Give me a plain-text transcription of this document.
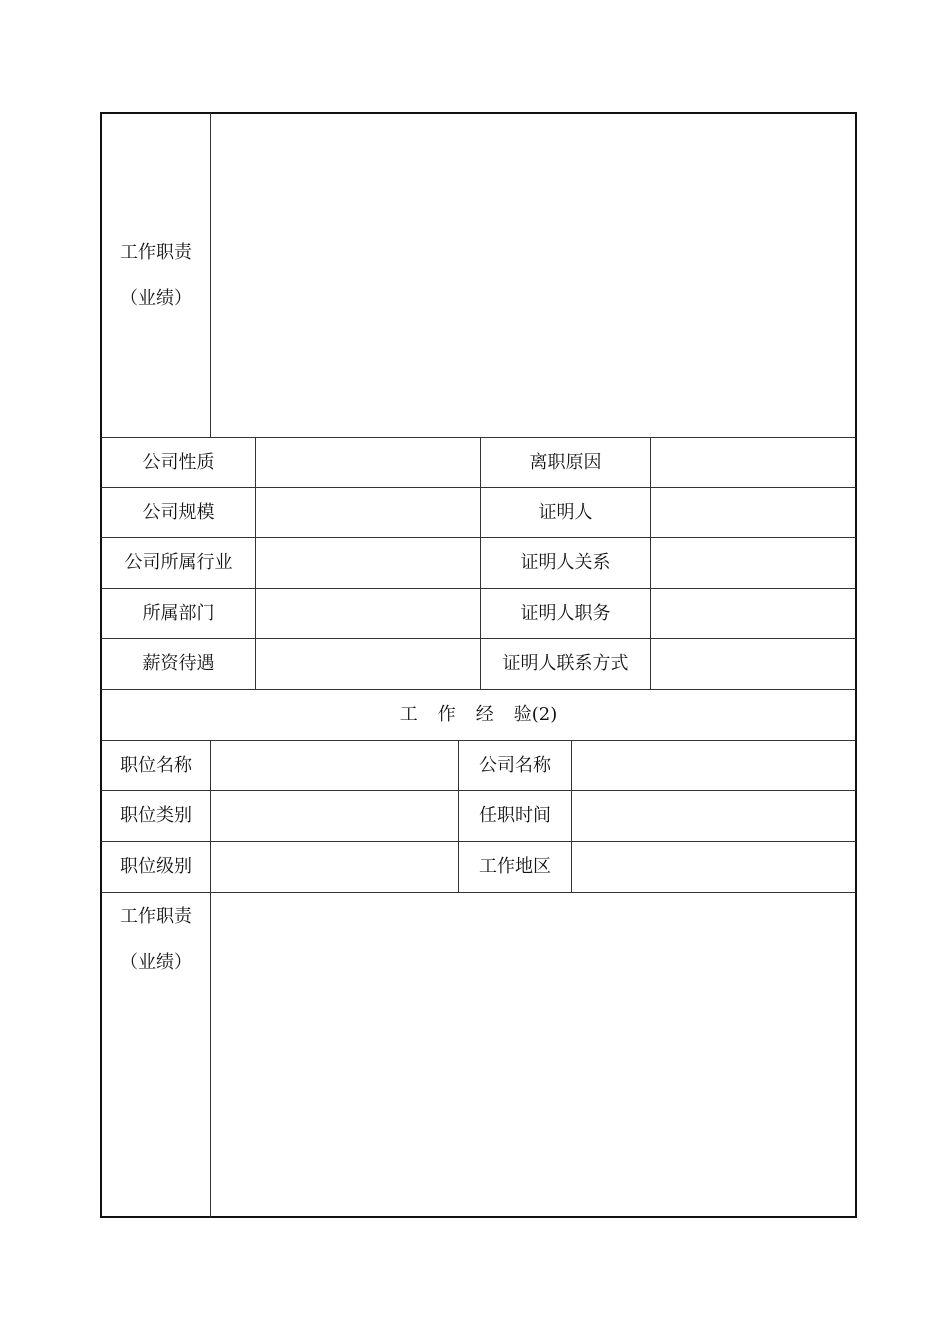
工作职责
（业绩）
公司性质	离职原因
公司规模	证明人
公司所属行业	证明人关系
所属部门	证明人职务
薪资待遇	证明人联系方式
工 作 经 验(2)
职位名称	公司名称
职位类别	任职时间
职位级别	工作地区
工作职责
（业绩）
